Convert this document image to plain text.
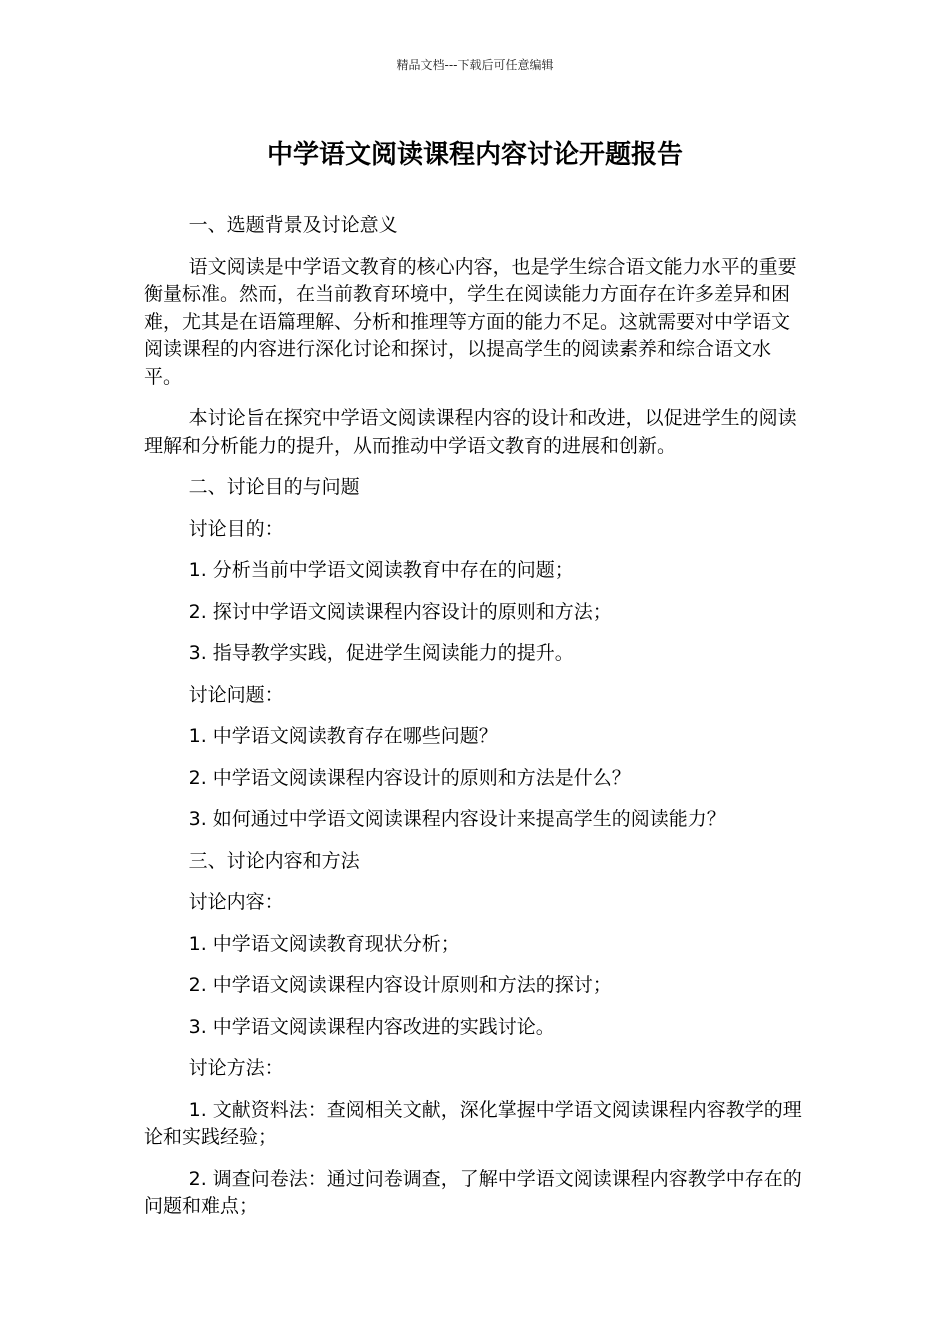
精品文档---下载后可任意编辑
中学语文阅读课程内容讨论开题报告

一、选题背景及讨论意义

语文阅读是中学语文教育的核心内容，也是学生综合语文能力水平的重要衡量标准。然而，在当前教育环境中，学生在阅读能力方面存在许多差异和困难，尤其是在语篇理解、分析和推理等方面的能力不足。这就需要对中学语文阅读课程的内容进行深化讨论和探讨，以提高学生的阅读素养和综合语文水平。

本讨论旨在探究中学语文阅读课程内容的设计和改进，以促进学生的阅读理解和分析能力的提升，从而推动中学语文教育的进展和创新。

二、讨论目的与问题

讨论目的：

1. 分析当前中学语文阅读教育中存在的问题；

2. 探讨中学语文阅读课程内容设计的原则和方法；

3. 指导教学实践，促进学生阅读能力的提升。

讨论问题：

1. 中学语文阅读教育存在哪些问题？

2. 中学语文阅读课程内容设计的原则和方法是什么？

3. 如何通过中学语文阅读课程内容设计来提高学生的阅读能力？

三、讨论内容和方法

讨论内容：

1. 中学语文阅读教育现状分析；

2. 中学语文阅读课程内容设计原则和方法的探讨；

3. 中学语文阅读课程内容改进的实践讨论。

讨论方法：

1. 文献资料法：查阅相关文献，深化掌握中学语文阅读课程内容教学的理论和实践经验；

2. 调查问卷法：通过问卷调查，了解中学语文阅读课程内容教学中存在的问题和难点；
